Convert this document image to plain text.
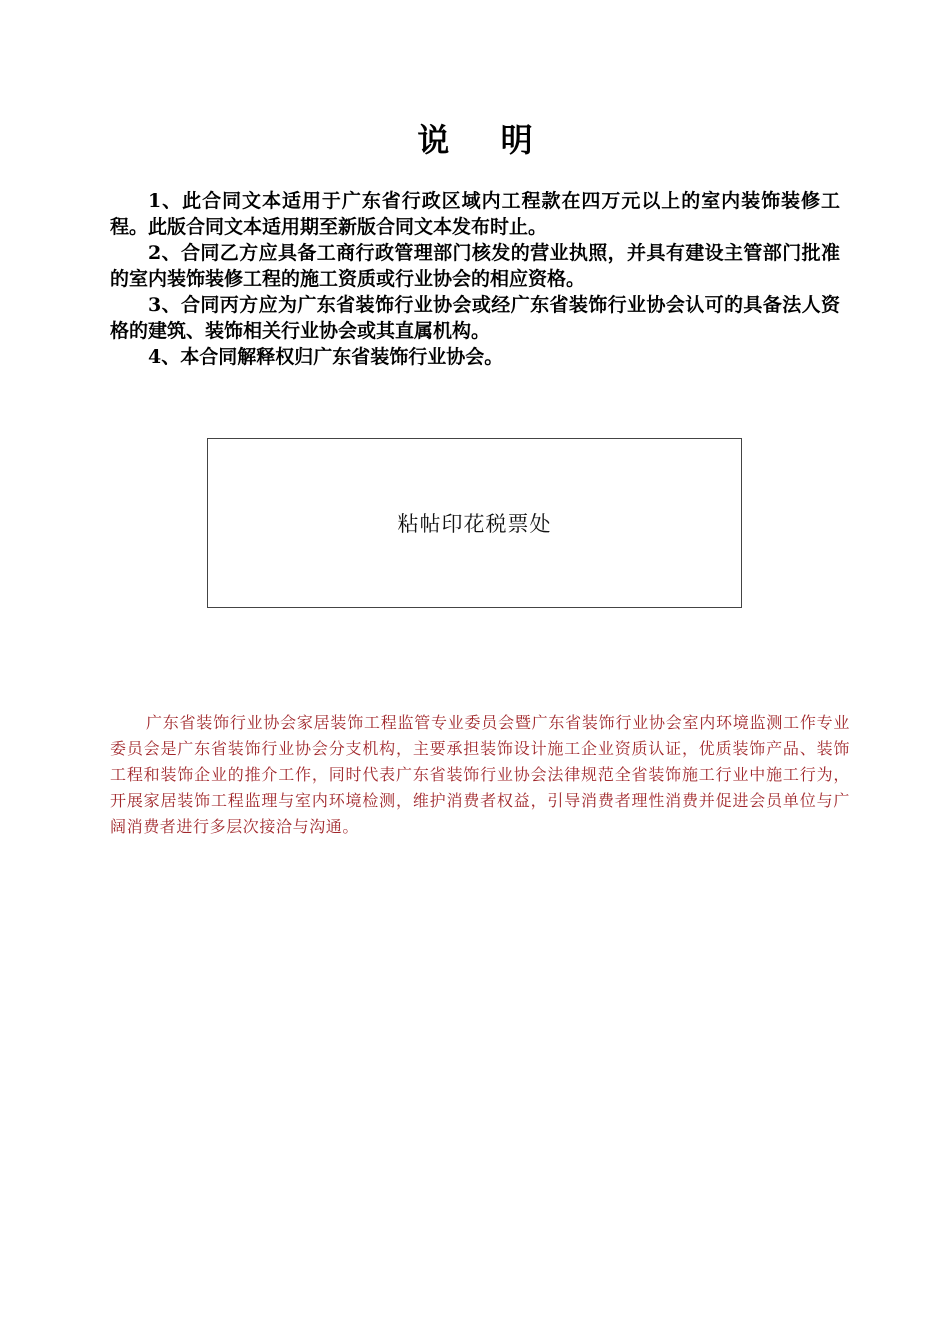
说 明

1、此合同文本适用于广东省行政区域内工程款在四万元以上的室内装饰装修工程。此版合同文本适用期至新版合同文本发布时止。

2、合同乙方应具备工商行政管理部门核发的营业执照，并具有建设主管部门批准的室内装饰装修工程的施工资质或行业协会的相应资格。

3、合同丙方应为广东省装饰行业协会或经广东省装饰行业协会认可的具备法人资格的建筑、装饰相关行业协会或其直属机构。

4、本合同解释权归广东省装饰行业协会。

粘帖印花税票处

广东省装饰行业协会家居装饰工程监管专业委员会暨广东省装饰行业协会室内环境监测工作专业委员会是广东省装饰行业协会分支机构，主要承担装饰设计施工企业资质认证，优质装饰产品、装饰工程和装饰企业的推介工作，同时代表广东省装饰行业协会法律规范全省装饰施工行业中施工行为，开展家居装饰工程监理与室内环境检测，维护消费者权益，引导消费者理性消费并促进会员单位与广阔消费者进行多层次接洽与沟通。
